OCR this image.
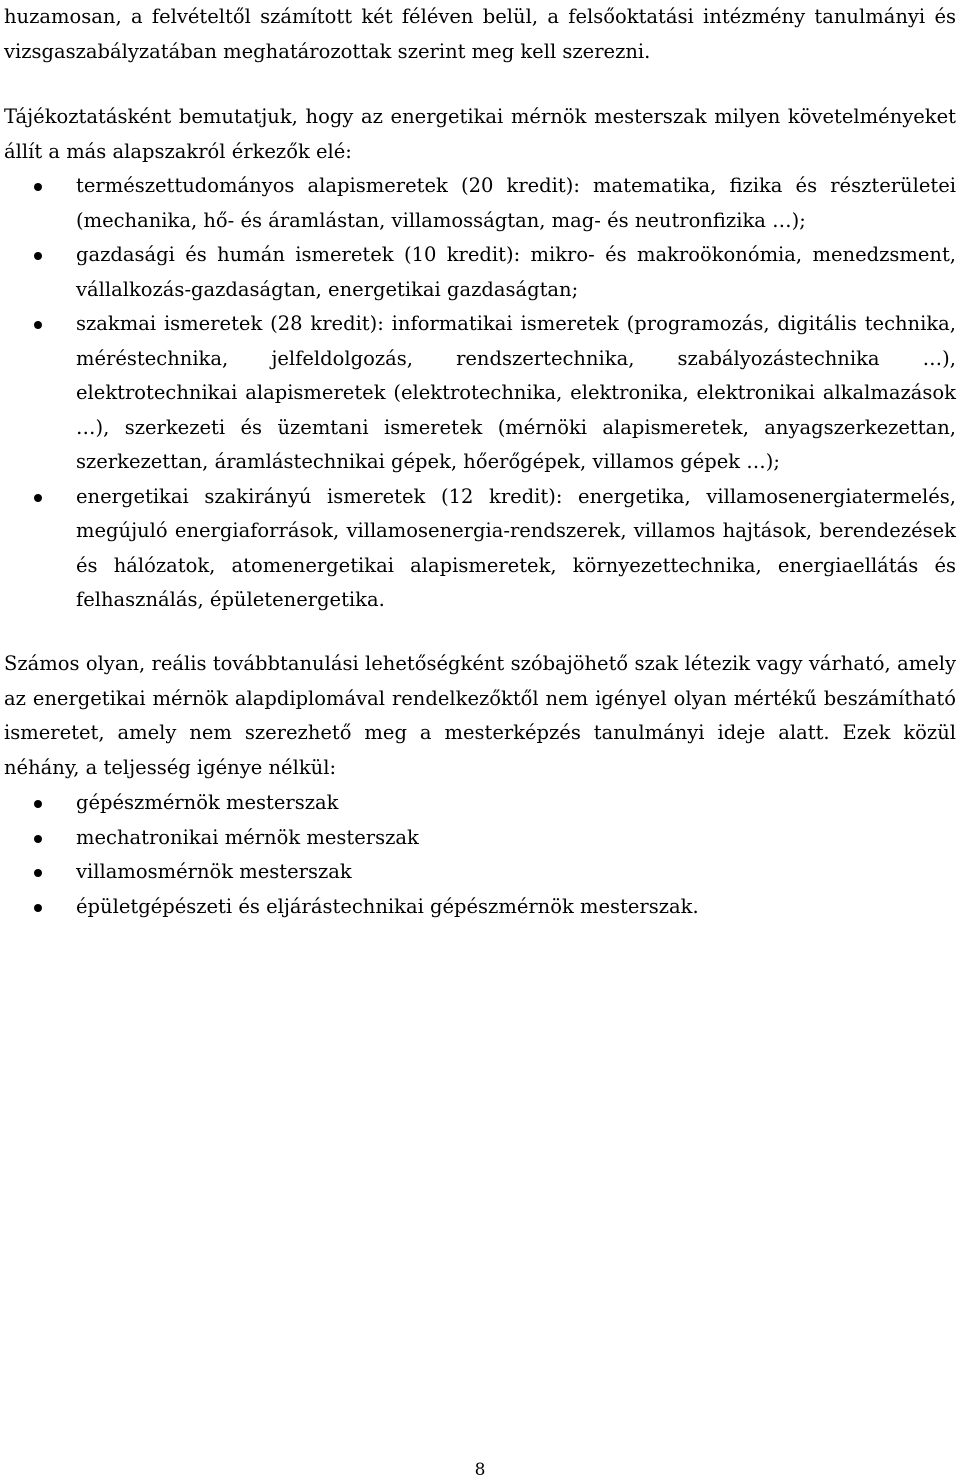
huzamosan, a felvételtől számított két féléven belül, a felsőoktatási intézmény tanulmányi és vizsgaszabályzatában meghatározottak szerint meg kell szerezni.

Tájékoztatásként bemutatjuk, hogy az energetikai mérnök mesterszak milyen követelményeket állít a más alapszakról érkezők elé:

természettudományos alapismeretek (20 kredit): matematika, fizika és részterületei (mechanika, hő- és áramlástan, villamosságtan, mag- és neutronfizika …);
gazdasági és humán ismeretek (10 kredit): mikro- és makroökonómia, menedzsment, vállalkozás-gazdaságtan, energetikai gazdaságtan;
szakmai ismeretek (28 kredit): informatikai ismeretek (programozás, digitális technika, méréstechnika, jelfeldolgozás, rendszertechnika, szabályozástechnika …), elektrotechnikai alapismeretek (elektrotechnika, elektronika, elektronikai alkalmazások …), szerkezeti és üzemtani ismeretek (mérnöki alapismeretek, anyagszerkezettan, szerkezettan, áramlástechnikai gépek, hőerőgépek, villamos gépek …);
energetikai szakirányú ismeretek (12 kredit): energetika, villamosenergiatermelés, megújuló energiaforrások, villamosenergia-rendszerek, villamos hajtások, berendezések és hálózatok, atomenergetikai alapismeretek, környezettechnika, energiaellátás és felhasználás, épületenergetika.

Számos olyan, reális továbbtanulási lehetőségként szóbajöhető szak létezik vagy várható, amely az energetikai mérnök alapdiplomával rendelkezőktől nem igényel olyan mértékű beszámítható ismeretet, amely nem szerezhető meg a mesterképzés tanulmányi ideje alatt. Ezek közül néhány, a teljesség igénye nélkül:

gépészmérnök mesterszak
mechatronikai mérnök mesterszak
villamosmérnök mesterszak
épületgépészeti és eljárástechnikai gépészmérnök mesterszak.
8
